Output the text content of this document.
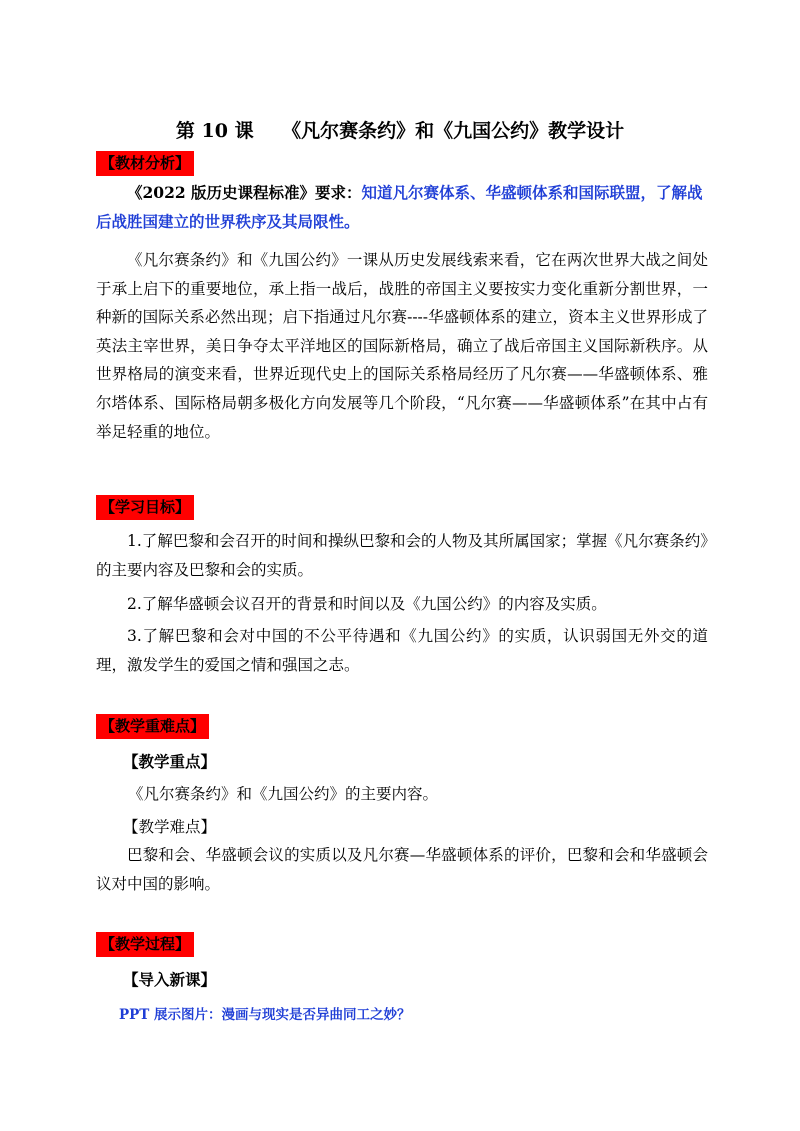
第 10 课　　《凡尔赛条约》和《九国公约》教学设计
【教材分析】
《2022 版历史课程标准》要求：知道凡尔赛体系、华盛顿体系和国际联盟，了解战后战胜国建立的世界秩序及其局限性。
《凡尔赛条约》和《九国公约》一课从历史发展线索来看，它在两次世界大战之间处于承上启下的重要地位，承上指一战后，战胜的帝国主义要按实力变化重新分割世界，一种新的国际关系必然出现；启下指通过凡尔赛----华盛顿体系的建立，资本主义世界形成了英法主宰世界，美日争夺太平洋地区的国际新格局，确立了战后帝国主义国际新秩序。从世界格局的演变来看，世界近现代史上的国际关系格局经历了凡尔赛——华盛顿体系、雅尔塔体系、国际格局朝多极化方向发展等几个阶段，“凡尔赛——华盛顿体系”在其中占有举足轻重的地位。
【学习目标】
1.了解巴黎和会召开的时间和操纵巴黎和会的人物及其所属国家；掌握《凡尔赛条约》的主要内容及巴黎和会的实质。
2.了解华盛顿会议召开的背景和时间以及《九国公约》的内容及实质。
3.了解巴黎和会对中国的不公平待遇和《九国公约》的实质，认识弱国无外交的道理，激发学生的爱国之情和强国之志。
【教学重难点】
【教学重点】
《凡尔赛条约》和《九国公约》的主要内容。
【教学难点】
巴黎和会、华盛顿会议的实质以及凡尔赛—华盛顿体系的评价，巴黎和会和华盛顿会议对中国的影响。
【教学过程】
【导入新课】
PPT 展示图片：漫画与现实是否异曲同工之妙？
